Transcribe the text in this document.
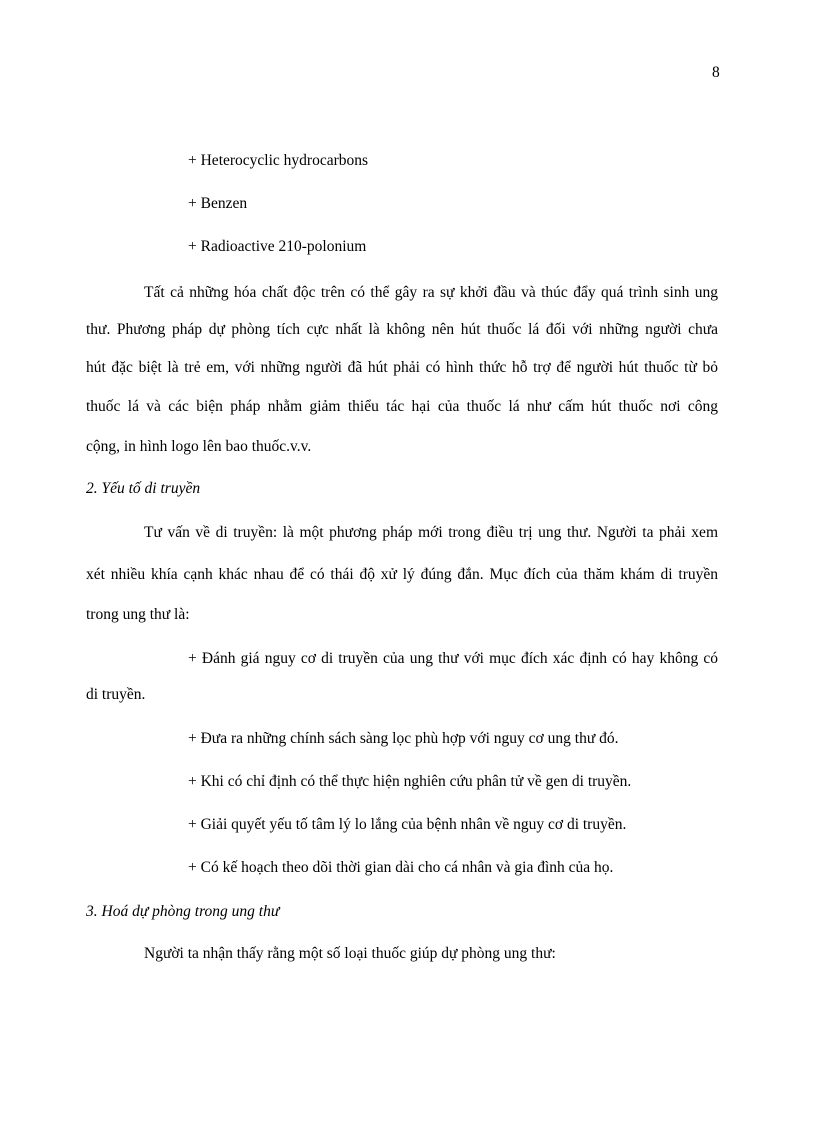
8
+ Heterocyclic hydrocarbons
+ Benzen
+ Radioactive 210-polonium
Tất cả những hóa chất độc trên có thể gây ra sự khởi đầu và thúc đẩy quá trình sinh ung
thư. Phương pháp dự phòng tích cực nhất là không nên hút thuốc lá đối với những người chưa
hút đặc biệt là trẻ em, với những người đã hút phải có hình thức hỗ trợ để người hút thuốc từ bỏ
thuốc lá và các biện pháp nhằm giảm thiểu tác hại của thuốc lá như cấm hút thuốc nơi công
cộng, in hình logo lên bao thuốc.v.v.
2. Yếu tố di truyền
Tư vấn về di truyền: là một phương pháp mới trong điều trị ung thư. Người ta phải xem
xét nhiều khía cạnh khác nhau để có thái độ xử lý đúng đắn. Mục đích của thăm khám di truyền
trong ung thư là:
+ Đánh giá nguy cơ di truyền của ung thư với mục đích xác định có hay không có
di truyền.
+ Đưa ra những chính sách sàng lọc phù hợp với nguy cơ ung thư đó.
+ Khi có chỉ định có thể thực hiện nghiên cứu phân tử về gen di truyền.
+ Giải quyết yếu tố tâm lý lo lắng của bệnh nhân về nguy cơ di truyền.
+ Có kế hoạch theo dõi thời gian dài cho cá nhân và gia đình của họ.
3. Hoá dự phòng trong ung thư
Người ta nhận thấy rằng một số loại thuốc giúp dự phòng ung thư:
